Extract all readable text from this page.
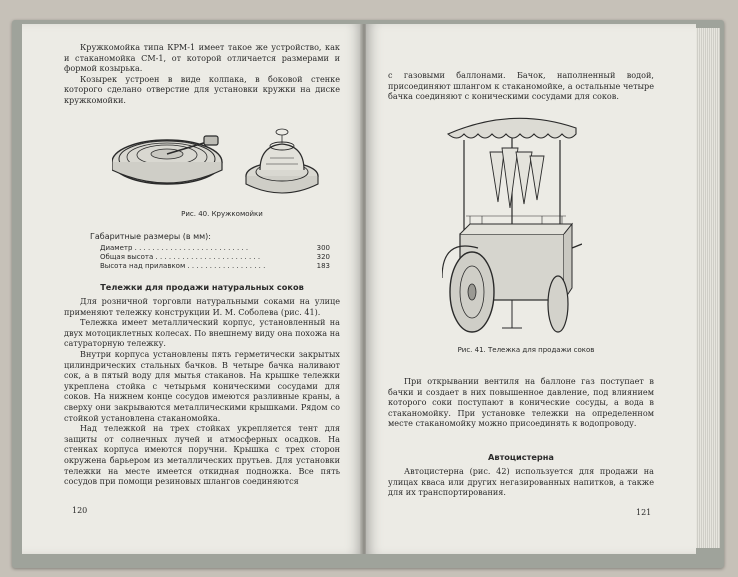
Кружкомойка типа КРМ-1 имеет такое же устройство, как и стаканомойка СМ-1, от которой отличается размерами и формой козырька.

Козырек устроен в виде колпака, в боковой стенке которого сделано отверстие для установки кружки на диске кружкомойки.

Рис. 40. Кружкомойки
Габаритные размеры (в мм):
Диаметр . . . . . . . . . . . . . . . . . . . . . . . . . .	300
Общая высота . . . . . . . . . . . . . . . . . . . . . . . .	320
Высота над прилавком . . . . . . . . . . . . . . . . . .	183
Тележки для продажи натуральных соков

Для розничной торговли натуральными соками на улице применяют тележку конструкции И. М. Соболева (рис. 41).

Тележка имеет металлический корпус, установленный на двух мотоциклетных колесах. По внешнему виду она похожа на сатураторную тележку.

Внутри корпуса установлены пять герметически закрытых цилиндрических стальных бачков. В четыре бачка наливают сок, а в пятый воду для мытья стаканов. На крышке тележки укреплена стойка с четырьмя коническими сосудами для соков. На нижнем конце сосудов имеются разливные краны, а сверху они закрываются металлическими крышками. Рядом со стойкой установлена стаканомойка.

Над тележкой на трех стойках укрепляется тент для защиты от солнечных лучей и атмосферных осадков. На стенках корпуса имеются поручни. Крышка с трех сторон окружена барьером из металлических прутьев. Для установки тележки на месте имеется откидная подножка. Все пять сосудов при помощи резиновых шлангов соединяются

120

с газовыми баллонами. Бачок, наполненный водой, присоединяют шлангом к стаканомойке, а остальные четыре бачка соединяют с коническими сосудами для соков.

Рис. 41. Тележка для продажи соков

При открывании вентиля на баллоне газ поступает в бачки и создает в них повышенное давление, под влиянием которого соки поступают в конические сосуды, а вода в стаканомойку. При установке тележки на определенном месте стаканомойку можно присоединять к водопроводу.

Автоцистерна

Автоцистерна (рис. 42) используется для продажи на улицах кваса или других негазированных напитков, а также для их транспортирования.

121
